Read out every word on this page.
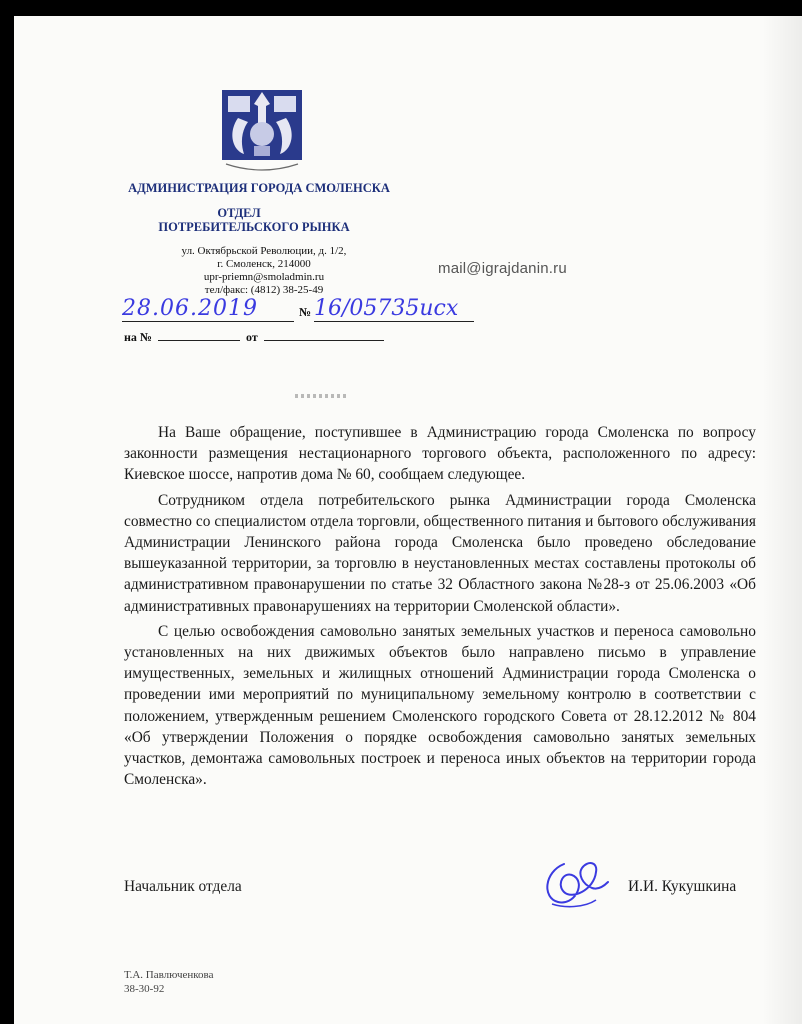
АДМИНИСТРАЦИЯ ГОРОДА СМОЛЕНСКА
ОТДЕЛ
ПОТРЕБИТЕЛЬСКОГО РЫНКА
ул. Октябрьской Революции, д. 1/2,
г. Смоленск, 214000
upr-priemn@smoladmin.ru
тел/факс: (4812) 38-25-49
mail@igrajdanin.ru
28.06.2019	№ 16/05735исх
на №	от

На Ваше обращение, поступившее в Администрацию города Смоленска по вопросу законности размещения нестационарного торгового объекта, расположенного по адресу: Киевское шоссе, напротив дома № 60, сообщаем следующее.

Сотрудником отдела потребительского рынка Администрации города Смоленска совместно со специалистом отдела торговли, общественного питания и бытового обслуживания Администрации Ленинского района города Смоленска было проведено обследование вышеуказанной территории, за торговлю в неустановленных местах составлены протоколы об административном правонарушении по статье 32 Областного закона №28-з от 25.06.2003 «Об административных правонарушениях на территории Смоленской области».

С целью освобождения самовольно занятых земельных участков и переноса самовольно установленных на них движимых объектов было направлено письмо в управление имущественных, земельных и жилищных отношений Администрации города Смоленска о проведении ими мероприятий по муниципальному земельному контролю в соответствии с положением, утвержденным решением Смоленского городского Совета от 28.12.2012 № 804 «Об утверждении Положения о порядке освобождения самовольно занятых земельных участков, демонтажа самовольных построек и переноса иных объектов на территории города Смоленска».

Начальник отдела	И.И. Кукушкина
Т.А. Павлюченкова
38-30-92
